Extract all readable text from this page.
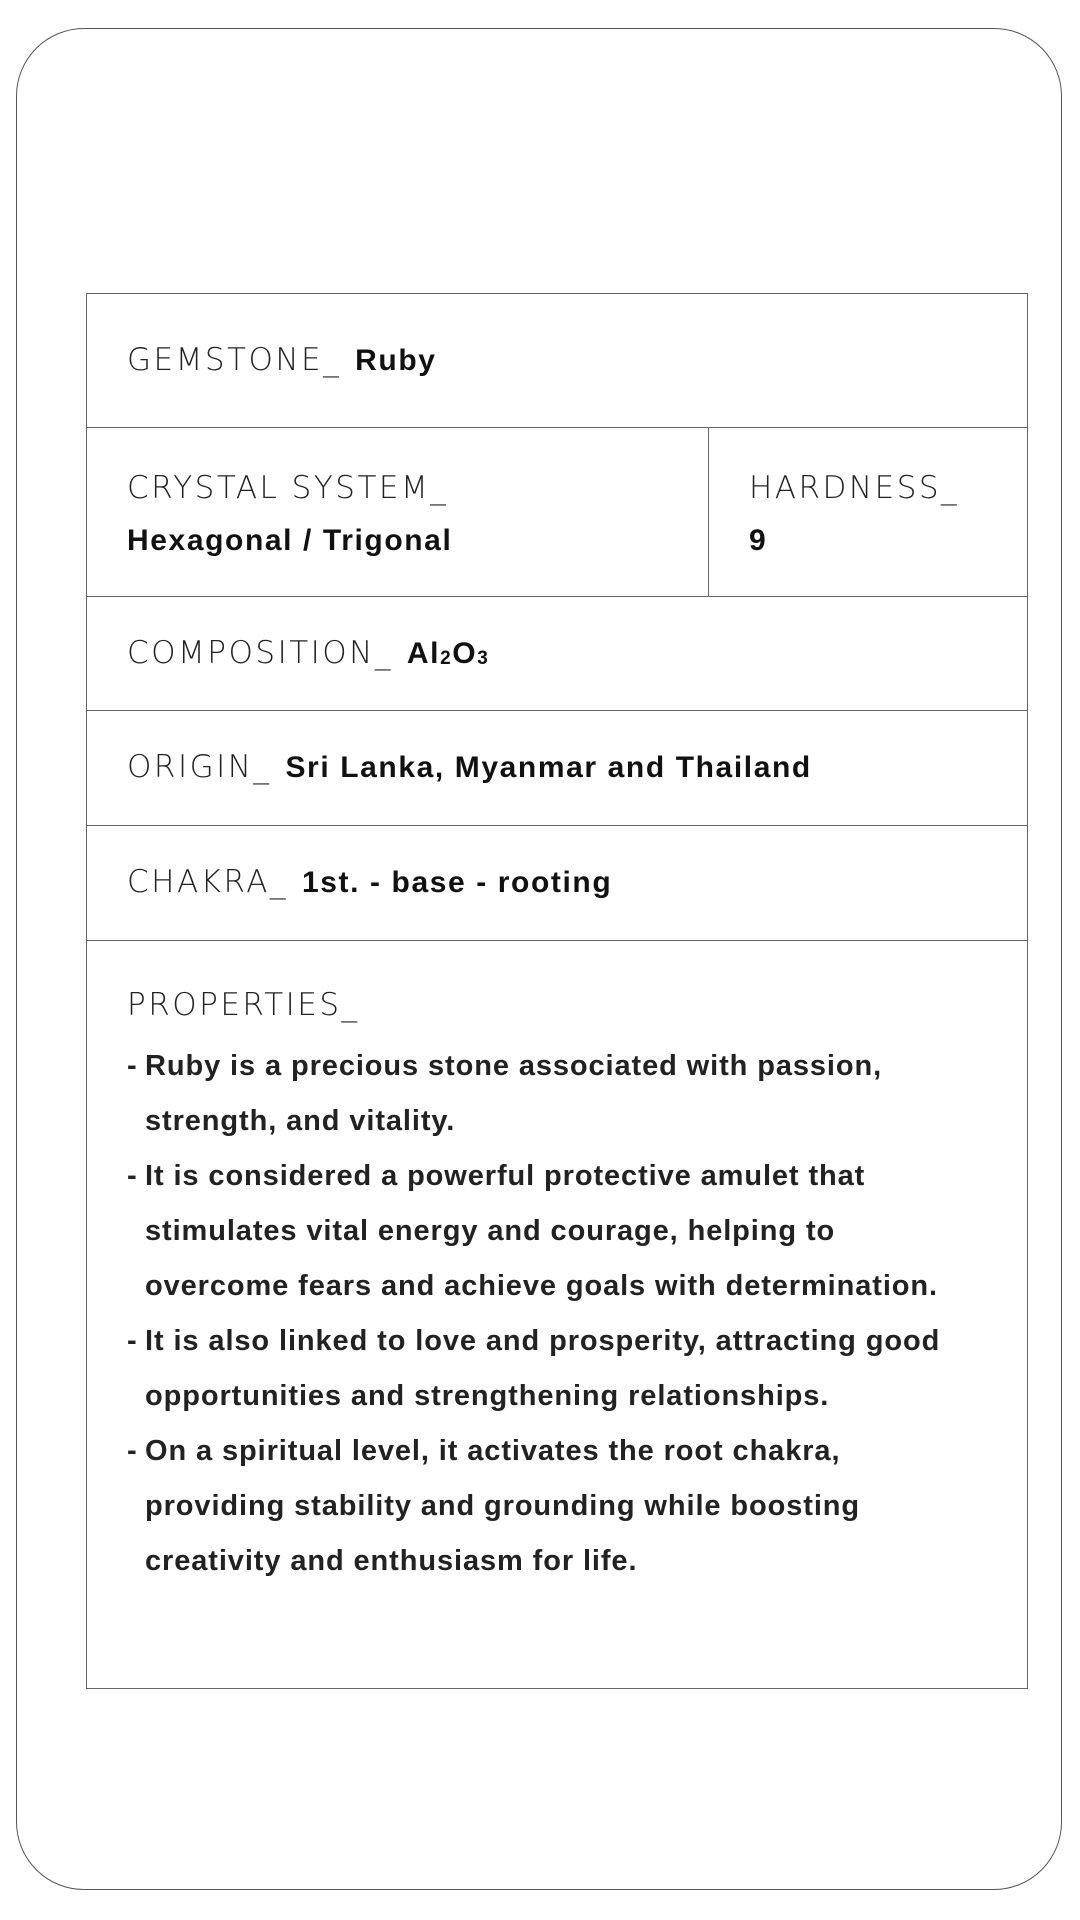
GEMSTONE_ Ruby
CRYSTAL SYSTEM_
Hexagonal / Trigonal
HARDNESS_
9
COMPOSITION_ $Al_2O_3$
ORIGIN_ Sri Lanka, Myanmar and Thailand
CHAKRA_ 1st. - base - rooting
PROPERTIES_
- Ruby is a precious stone associated with passion, strength, and vitality.
- It is considered a powerful protective amulet that stimulates vital energy and courage, helping to overcome fears and achieve goals with determination.
- It is also linked to love and prosperity, attracting good opportunities and strengthening relationships.
- On a spiritual level, it activates the root chakra, providing stability and grounding while boosting creativity and enthusiasm for life.
